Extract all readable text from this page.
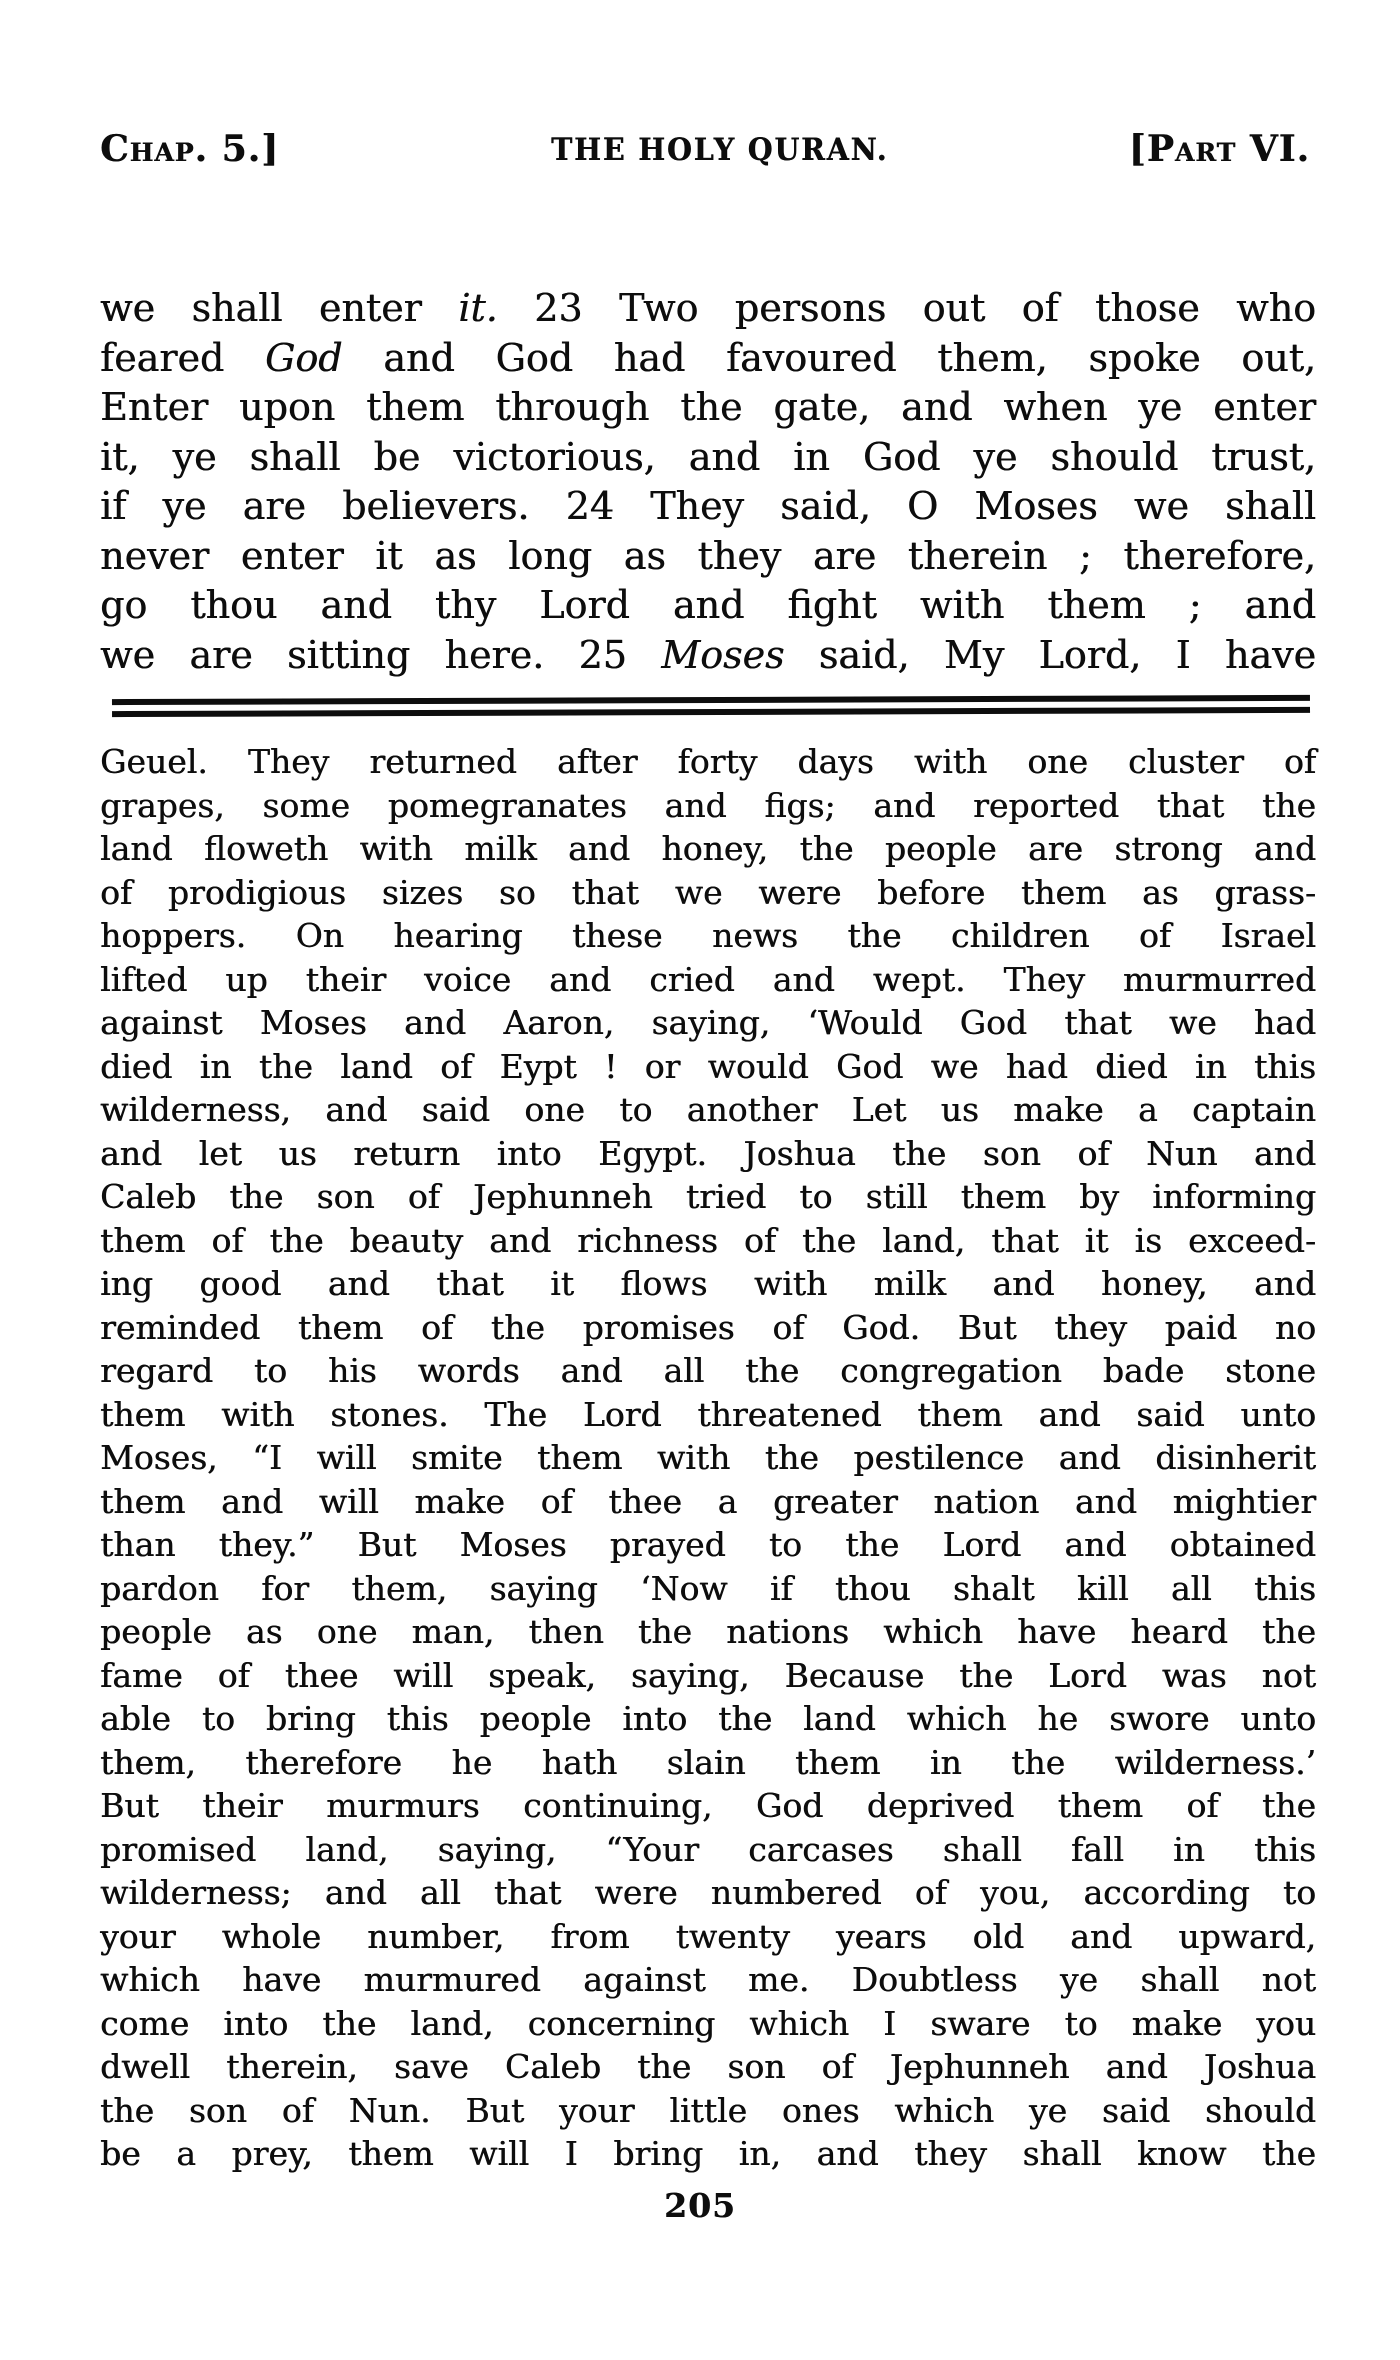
Chap. 5.]	THE HOLY QURAN.	[Part VI.
we shall enter it. 23 Two persons out of those who
feared God and God had favoured them, spoke out,
Enter upon them through the gate, and when ye enter
it, ye shall be victorious, and in God ye should trust,
if ye are believers. 24 They said, O Moses we shall
never enter it as long as they are therein ; therefore,
go thou and thy Lord and fight with them ; and
we are sitting here. 25 Moses said, My Lord, I have
Geuel. They returned after forty days with one cluster of
grapes, some pomegranates and figs; and reported that the
land floweth with milk and honey, the people are strong and
of prodigious sizes so that we were before them as grass-
hoppers. On hearing these news the children of Israel
lifted up their voice and cried and wept. They murmurred
against Moses and Aaron, saying, ‘Would God that we had
died in the land of Eypt ! or would God we had died in this
wilderness, and said one to another Let us make a captain
and let us return into Egypt. Joshua the son of Nun and
Caleb the son of Jephunneh tried to still them by informing
them of the beauty and richness of the land, that it is exceed-
ing good and that it flows with milk and honey, and
reminded them of the promises of God. But they paid no
regard to his words and all the congregation bade stone
them with stones. The Lord threatened them and said unto
Moses, “I will smite them with the pestilence and disinherit
them and will make of thee a greater nation and mightier
than they.” But Moses prayed to the Lord and obtained
pardon for them, saying ‘Now if thou shalt kill all this
people as one man, then the nations which have heard the
fame of thee will speak, saying, Because the Lord was not
able to bring this people into the land which he swore unto
them, therefore he hath slain them in the wilderness.’
But their murmurs continuing, God deprived them of the
promised land, saying, “Your carcases shall fall in this
wilderness; and all that were numbered of you, according to
your whole number, from twenty years old and upward,
which have murmured against me. Doubtless ye shall not
come into the land, concerning which I sware to make you
dwell therein, save Caleb the son of Jephunneh and Joshua
the son of Nun. But your little ones which ye said should
be a prey, them will I bring in, and they shall know the
205
